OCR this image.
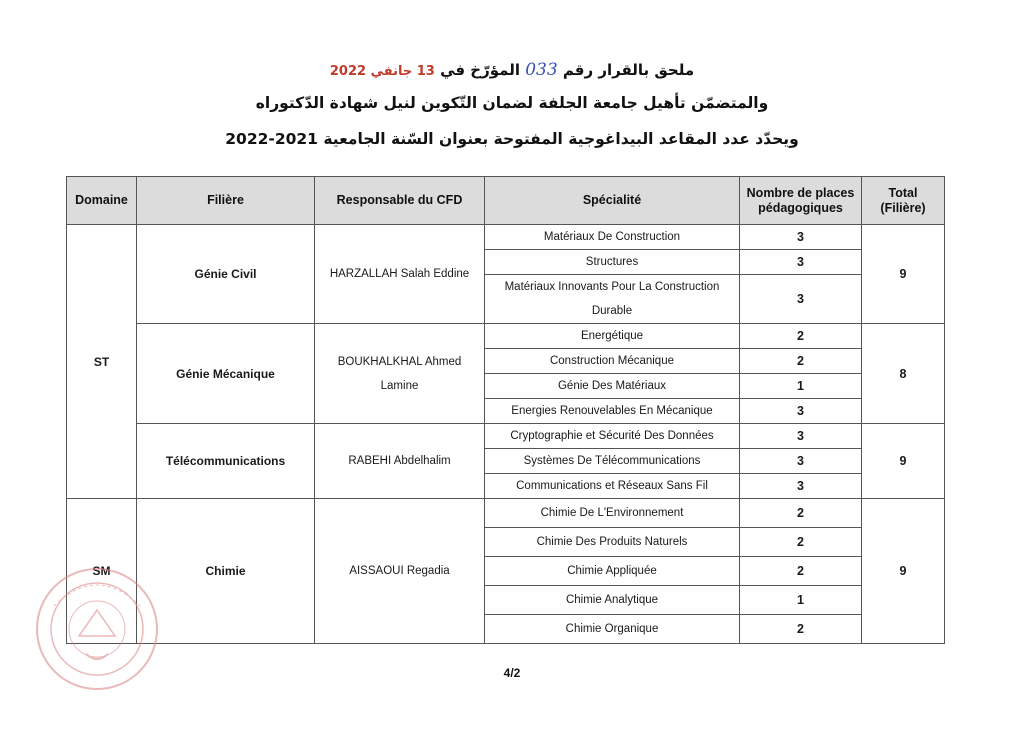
ملحق بالقرار رقم 033 المؤرّخ في 13 جانفي 2022
والمتضمّن تأهيل جامعة الجلفة لضمان التّكوين لنيل شهادة الدّكتوراه
ويحدّد عدد المقاعد البيداغوجية المفتوحة بعنوان السّنة الجامعية 2021-2022
Domaine	Filière	Responsable du CFD	Spécialité	Nombre de places pédagogiques	Total (Filière)
ST	Génie Civil	HARZALLAH Salah Eddine	Matériaux De Construction	3	9
			Structures	3	
			Matériaux Innovants Pour La Construction Durable	3	
	Génie Mécanique	BOUKHALKHAL Ahmed Lamine	Energétique	2	8
			Construction Mécanique	2	
			Génie Des Matériaux	1	
			Energies Renouvelables En Mécanique	3	
	Télécommunications	RABEHI Abdelhalim	Cryptographie et Sécurité Des Données	3	9
			Systèmes De Télécommunications	3	
			Communications et Réseaux Sans Fil	3	
SM	Chimie	AISSAOUI Regadia	Chimie De L'Environnement	2	9
			Chimie Des Produits Naturels	2	
			Chimie Appliquée	2	
			Chimie Analytique	1	
			Chimie Organique	2	
4/2
